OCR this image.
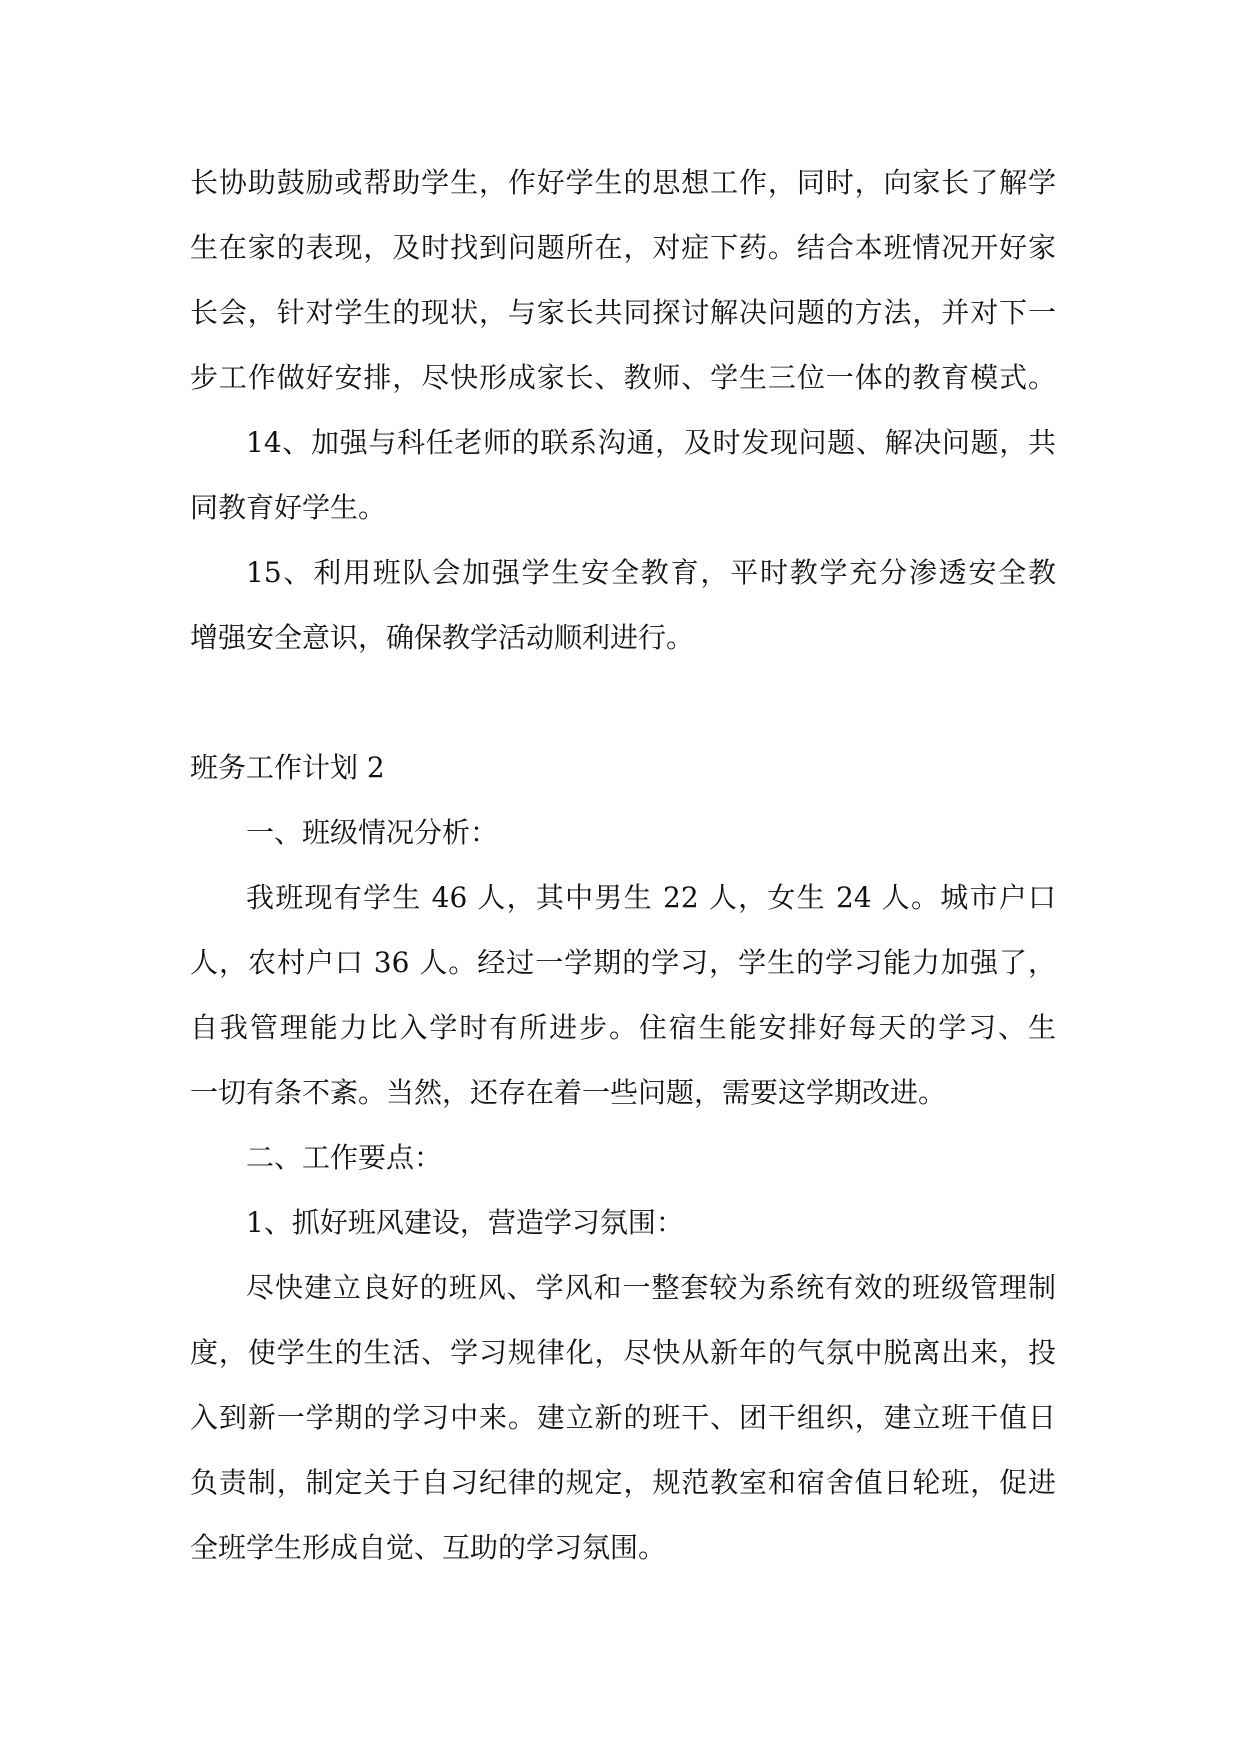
长协助鼓励或帮助学生，作好学生的思想工作，同时，向家长了解学
生在家的表现，及时找到问题所在，对症下药。结合本班情况开好家
长会，针对学生的现状，与家长共同探讨解决问题的方法，并对下一
步工作做好安排，尽快形成家长、教师、学生三位一体的教育模式。
14、加强与科任老师的联系沟通，及时发现问题、解决问题，共
同教育好学生。
15、利用班队会加强学生安全教育，平时教学充分渗透安全教
增强安全意识，确保教学活动顺利进行。
班务工作计划 2
一、班级情况分析：
我班现有学生 46 人，其中男生 22 人，女生 24 人。城市户口
人，农村户口 36 人。经过一学期的学习，学生的学习能力加强了，
自我管理能力比入学时有所进步。住宿生能安排好每天的学习、生
一切有条不紊。当然，还存在着一些问题，需要这学期改进。
二、工作要点：
1、抓好班风建设，营造学习氛围：
尽快建立良好的班风、学风和一整套较为系统有效的班级管理制
度，使学生的生活、学习规律化，尽快从新年的气氛中脱离出来，投
入到新一学期的学习中来。建立新的班干、团干组织，建立班干值日
负责制，制定关于自习纪律的规定，规范教室和宿舍值日轮班，促进
全班学生形成自觉、互助的学习氛围。
